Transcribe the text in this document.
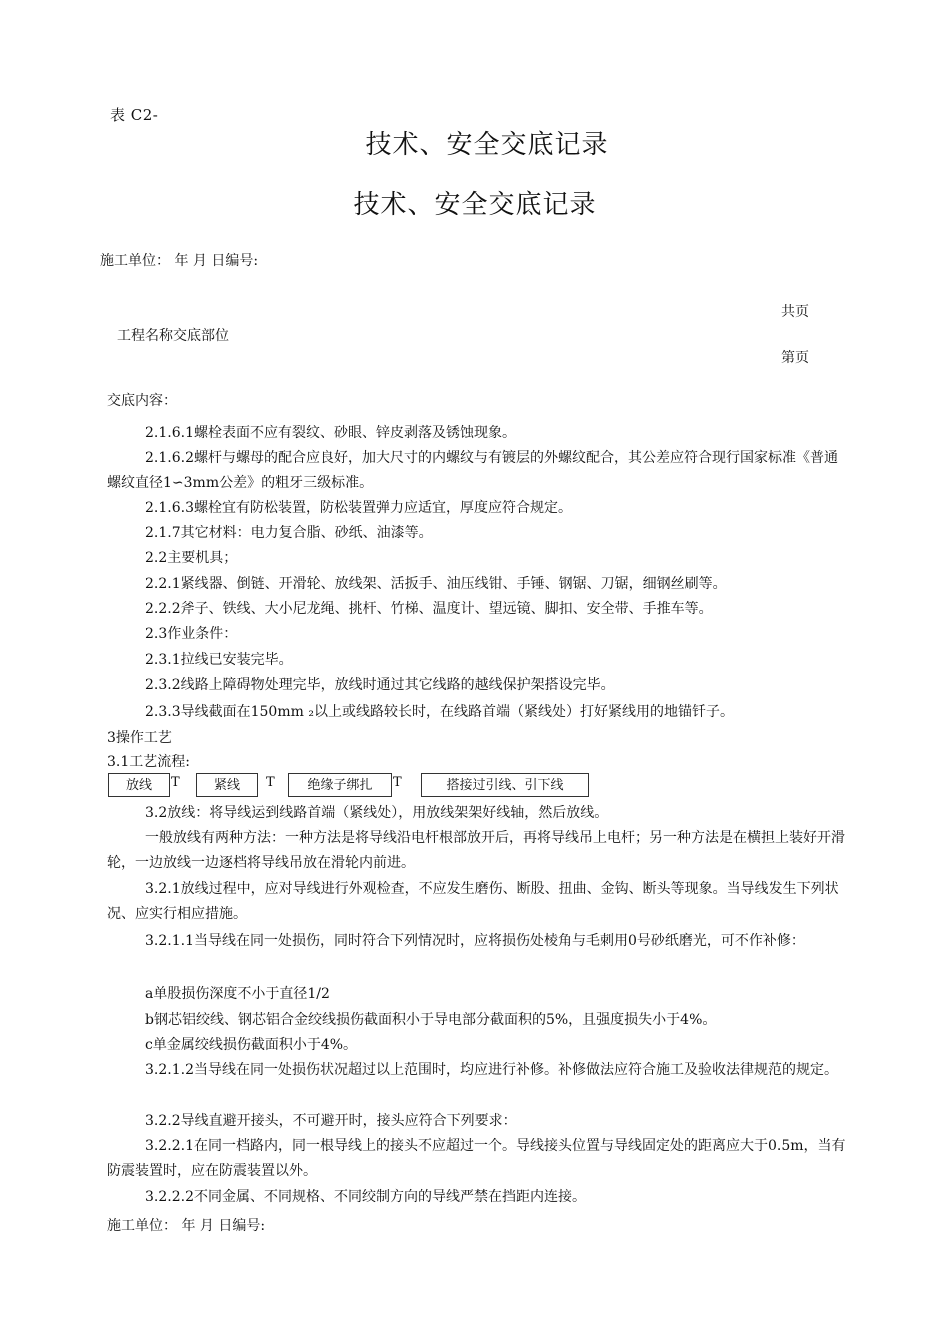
表 C2-
技术、安全交底记录
技术、安全交底记录
施工单位： 年 月 日编号:
共页
工程名称交底部位
第页
交底内容：
2.1.6.1螺栓表面不应有裂纹、砂眼、锌皮剥落及锈蚀现象。
2.1.6.2螺杆与螺母的配合应良好，加大尺寸的内螺纹与有镀层的外螺纹配合，其公差应符合现行国家标准《普通螺纹直径1∽3mm公差》的粗牙三级标准。
2.1.6.3螺栓宜有防松装置，防松装置弹力应适宜，厚度应符合规定。
2.1.7其它材料：电力复合脂、砂纸、油漆等。
2.2主要机具；
2.2.1紧线器、倒链、开滑轮、放线架、活扳手、油压线钳、手锤、钢锯、刀锯，细钢丝刷等。
2.2.2斧子、铁线、大小尼龙绳、挑杆、竹梯、温度计、望远镜、脚扣、安全带、手推车等。
2.3作业条件：
2.3.1拉线已安装完毕。
2.3.2线路上障碍物处理完毕，放线时通过其它线路的越线保护架搭设完毕。
2.3.3导线截面在150mm ₂以上或线路较长时，在线路首端（紧线处）打好紧线用的地锚钎子。
3操作工艺
3.1工艺流程:
放线	T	紧线	T	绝缘子绑扎	T	搭接过引线、引下线
3.2放线：将导线运到线路首端（紧线处），用放线架架好线轴，然后放线。
一般放线有两种方法：一种方法是将导线沿电杆根部放开后，再将导线吊上电杆；另一种方法是在横担上装好开滑轮，一边放线一边逐档将导线吊放在滑轮内前进。
3.2.1放线过程中，应对导线进行外观检查，不应发生磨伤、断股、扭曲、金钩、断头等现象。当导线发生下列状况、应实行相应措施。
3.2.1.1当导线在同一处损伤，同时符合下列情况时，应将损伤处棱角与毛刺用0号砂纸磨光，可不作补修：
a单股损伤深度不小于直径1/2
b钢芯铝绞线、钢芯铝合金绞线损伤截面积小于导电部分截面积的5%，且强度损失小于4%。
c单金属绞线损伤截面积小于4%。
3.2.1.2当导线在同一处损伤状况超过以上范围时，均应进行补修。补修做法应符合施工及验收法律规范的规定。
3.2.2导线直避开接头，不可避开时，接头应符合下列要求：
3.2.2.1在同一档路内，同一根导线上的接头不应超过一个。导线接头位置与导线固定处的距离应大于0.5m，当有防震装置时，应在防震装置以外。
3.2.2.2不同金属、不同规格、不同绞制方向的导线严禁在挡距内连接。
施工单位： 年 月 日编号:
